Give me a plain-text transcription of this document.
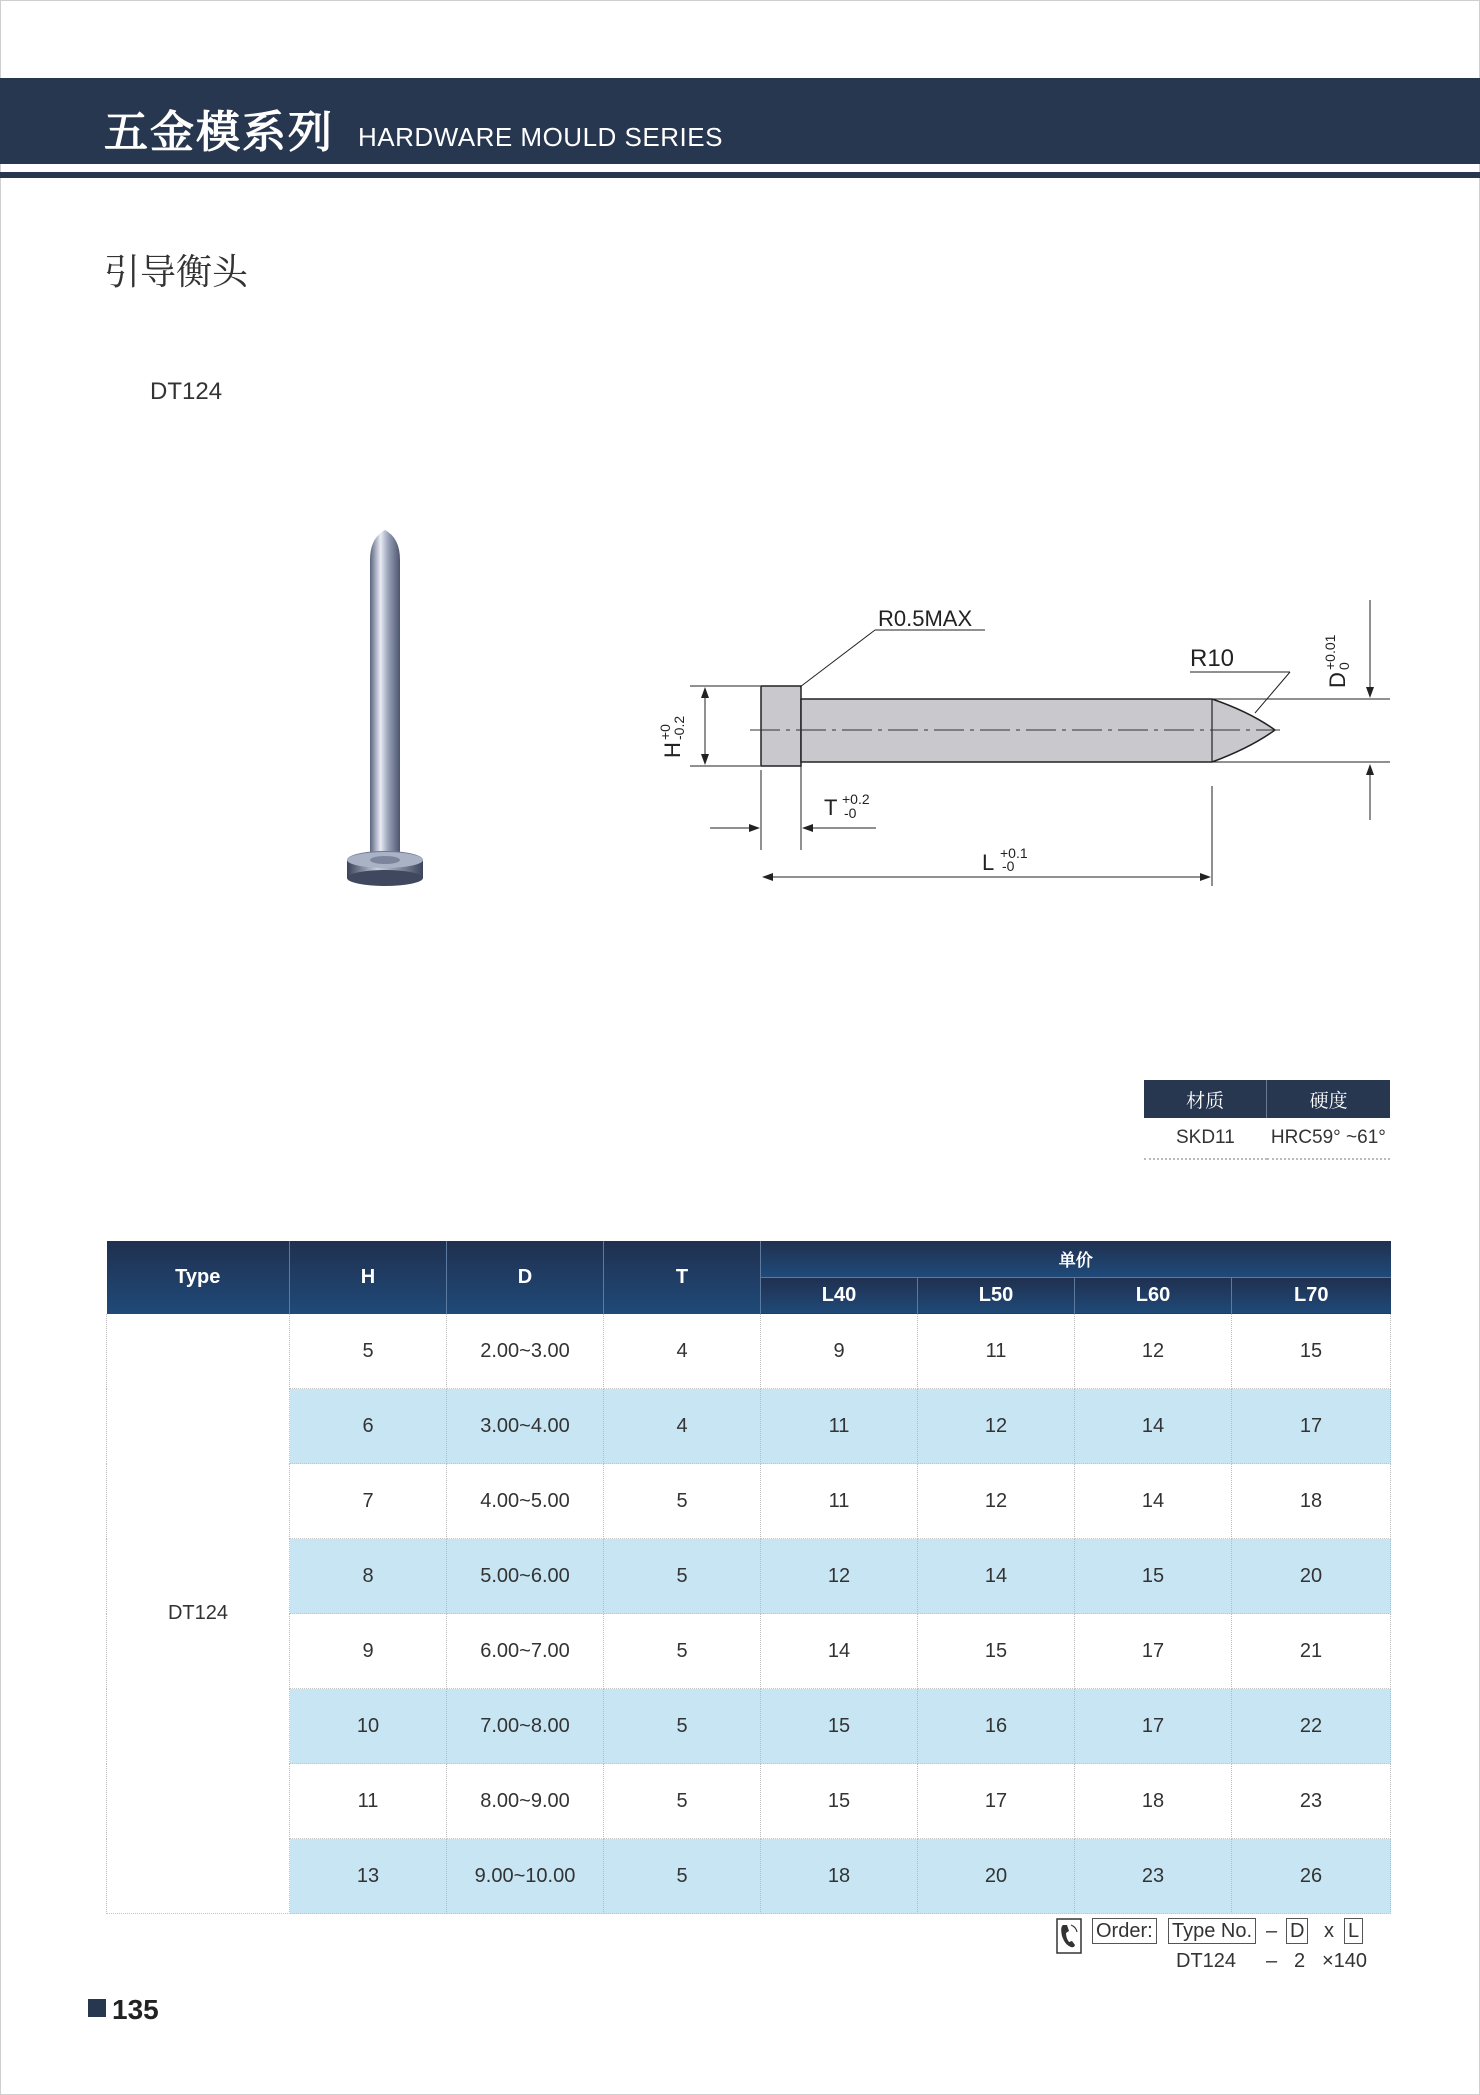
五金模系列 HARDWARE MOULD SERIES
引导衡头
DT124
R0.5MAX
R10
H
+0
-0.2
D
+0.01
0
T +0.2
-0
L +0.1
-0
材质	硬度
SKD11	HRC59° ~61°
Type	H	D	T	单价			
				L40	L50	L60	L70
DT124	5	2.00~3.00	4	9	11	12	15
	6	3.00~4.00	4	11	12	14	17
	7	4.00~5.00	5	11	12	14	18
	8	5.00~6.00	5	12	14	15	20
	9	6.00~7.00	5	14	15	17	21
	10	7.00~8.00	5	15	16	17	22
	11	8.00~9.00	5	15	17	18	23
	13	9.00~10.00	5	18	20	23	26
Order: Type No. – D x L
DT124 – 2 ×140
135
